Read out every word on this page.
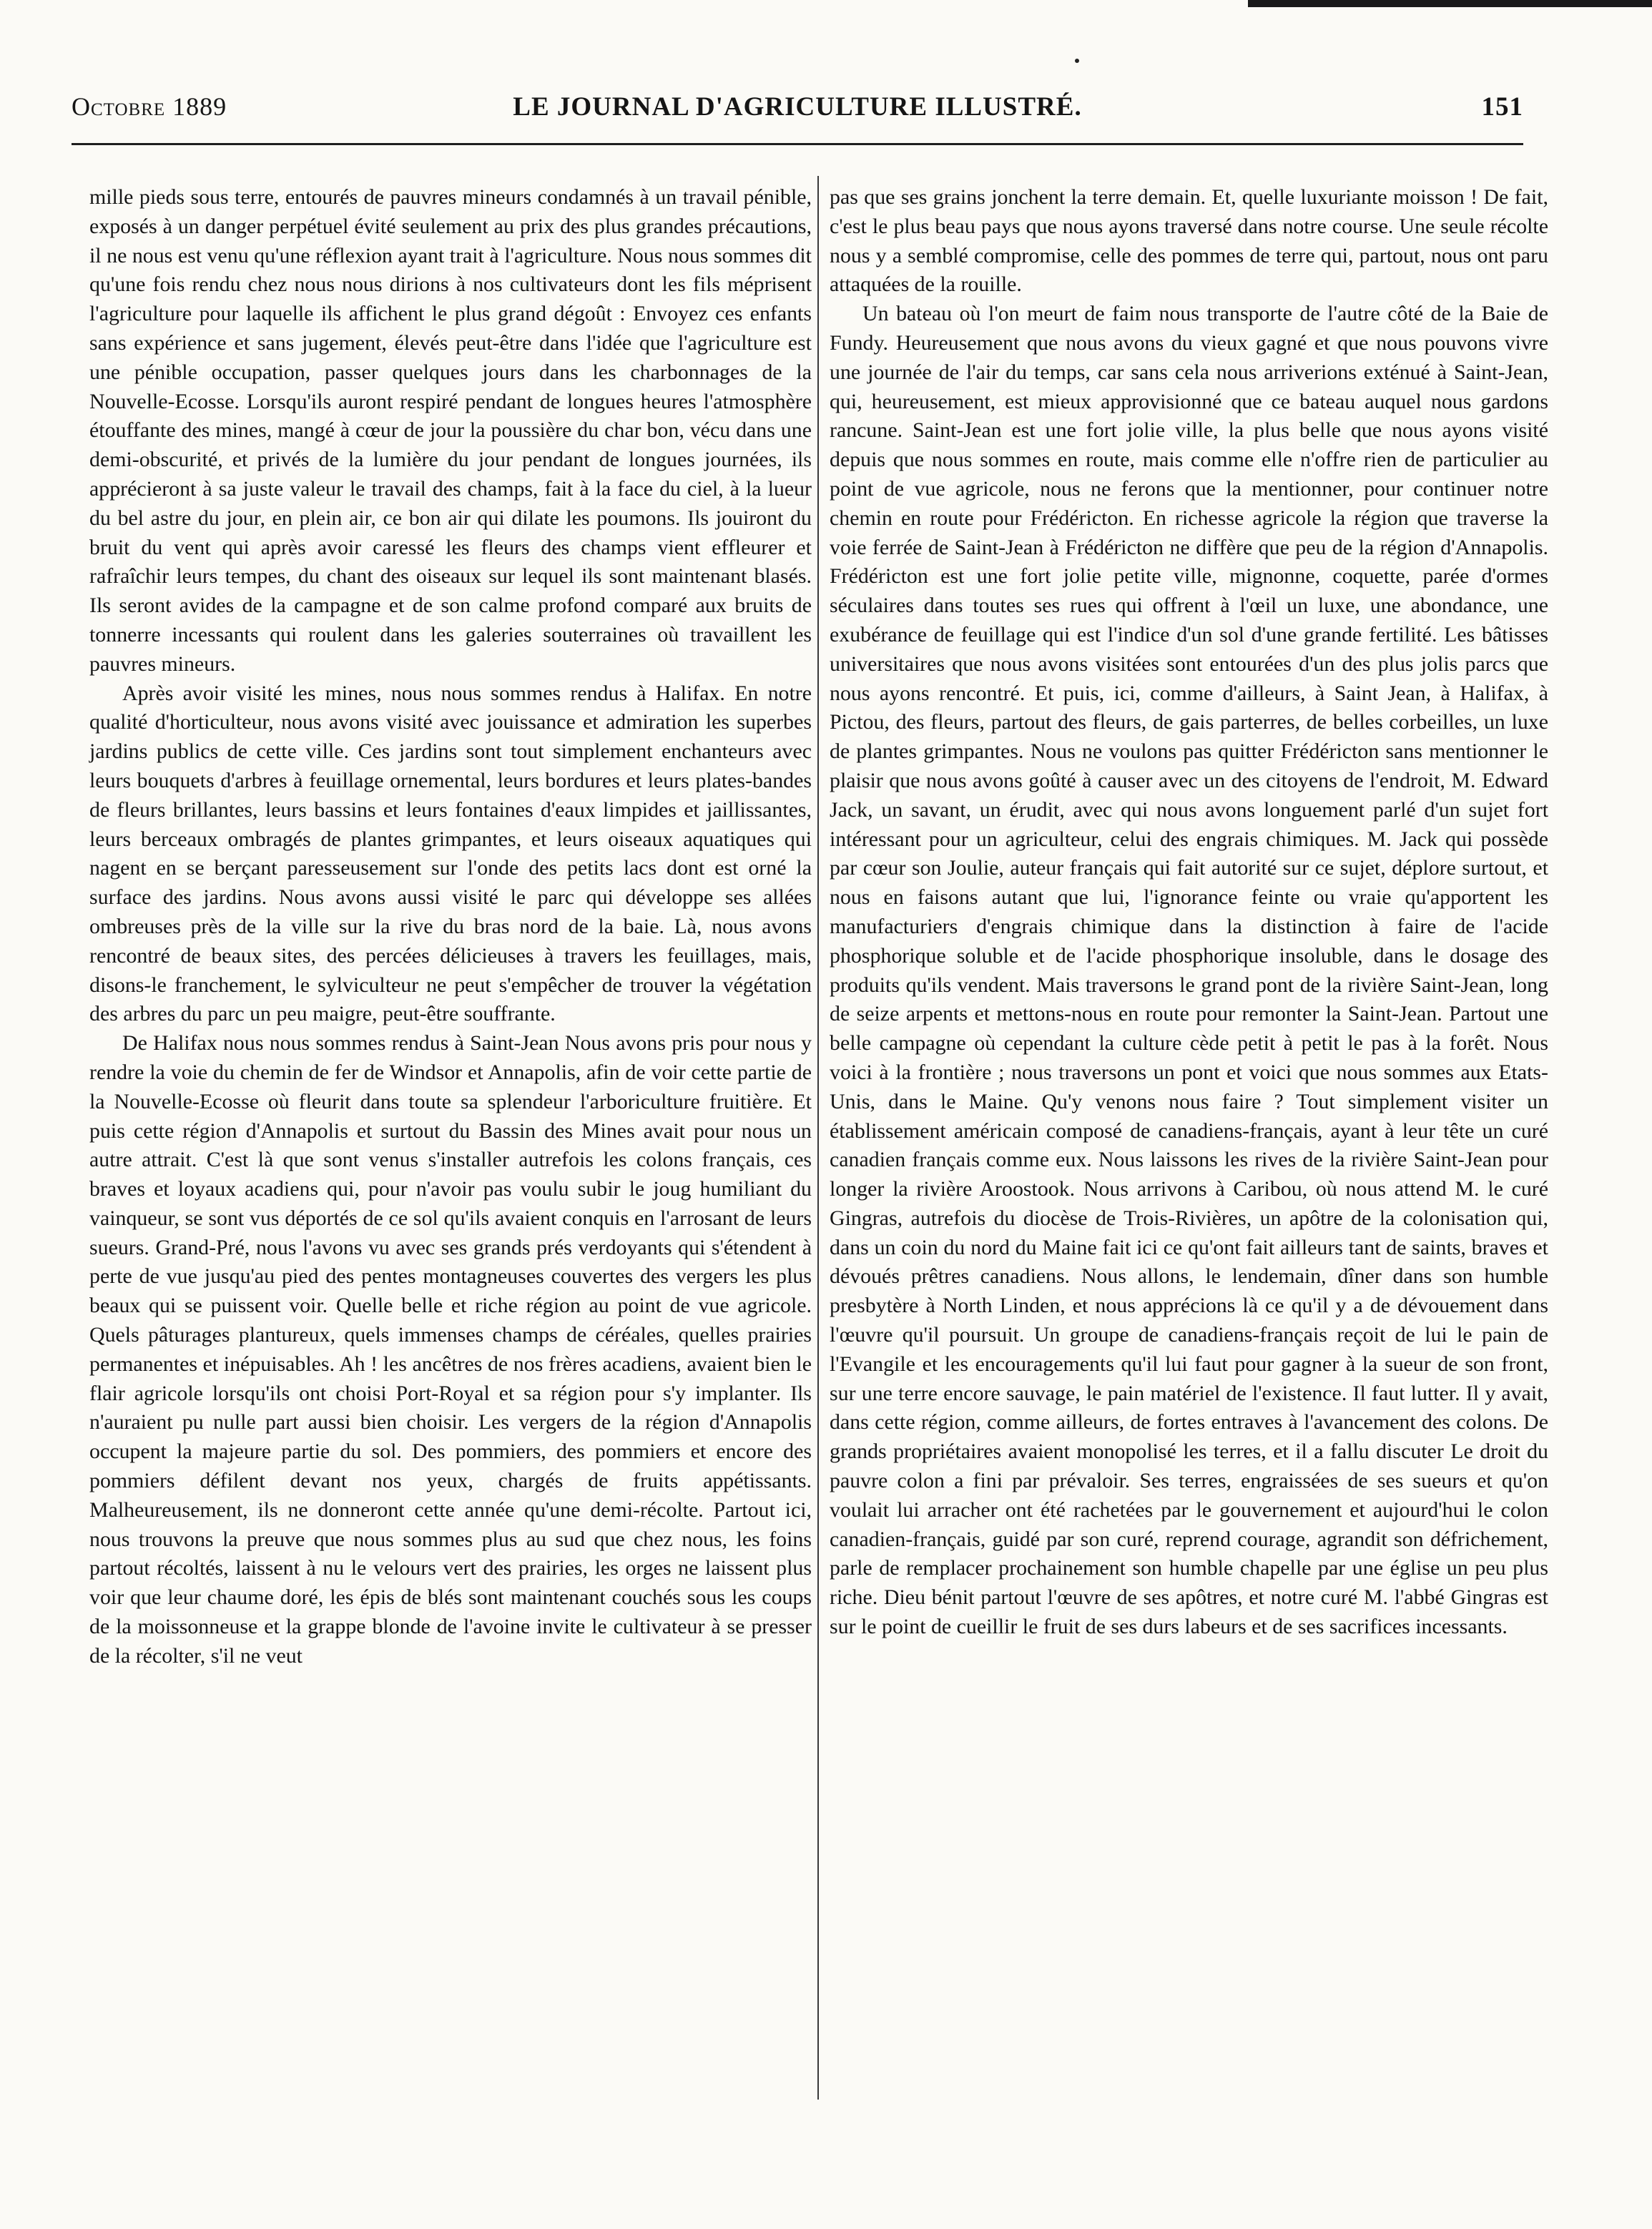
Octobre 1889	LE JOURNAL D'AGRICULTURE ILLUSTRÉ.	151

mille pieds sous terre, entourés de pauvres mineurs condamnés à un travail pénible, exposés à un danger perpétuel évité seulement au prix des plus grandes précautions, il ne nous est venu qu'une réflexion ayant trait à l'agriculture. Nous nous sommes dit qu'une fois rendu chez nous nous dirions à nos cultivateurs dont les fils méprisent l'agriculture pour laquelle ils affichent le plus grand dégoût : Envoyez ces enfants sans expérience et sans jugement, élevés peut-être dans l'idée que l'agriculture est une pénible occupation, passer quelques jours dans les charbonnages de la Nouvelle-Ecosse. Lorsqu'ils auront respiré pendant de longues heures l'atmosphère étouffante des mines, mangé à cœur de jour la poussière du char bon, vécu dans une demi-obscurité, et privés de la lumière du jour pendant de longues journées, ils apprécieront à sa juste valeur le travail des champs, fait à la face du ciel, à la lueur du bel astre du jour, en plein air, ce bon air qui dilate les poumons. Ils jouiront du bruit du vent qui après avoir caressé les fleurs des champs vient effleurer et rafraîchir leurs tempes, du chant des oiseaux sur lequel ils sont maintenant blasés. Ils seront avides de la campagne et de son calme profond comparé aux bruits de tonnerre incessants qui roulent dans les galeries souterraines où travaillent les pauvres mineurs.

Après avoir visité les mines, nous nous sommes rendus à Halifax. En notre qualité d'horticulteur, nous avons visité avec jouissance et admiration les superbes jardins publics de cette ville. Ces jardins sont tout simplement enchanteurs avec leurs bouquets d'arbres à feuillage ornemental, leurs bordures et leurs plates-bandes de fleurs brillantes, leurs bassins et leurs fontaines d'eaux limpides et jaillissantes, leurs berceaux ombragés de plantes grimpantes, et leurs oiseaux aquatiques qui nagent en se berçant paresseusement sur l'onde des petits lacs dont est orné la surface des jardins. Nous avons aussi visité le parc qui développe ses allées ombreuses près de la ville sur la rive du bras nord de la baie. Là, nous avons rencontré de beaux sites, des percées délicieuses à travers les feuillages, mais, disons-le franchement, le sylviculteur ne peut s'empêcher de trouver la végétation des arbres du parc un peu maigre, peut-être souffrante.

De Halifax nous nous sommes rendus à Saint-Jean Nous avons pris pour nous y rendre la voie du chemin de fer de Windsor et Annapolis, afin de voir cette partie de la Nouvelle-Ecosse où fleurit dans toute sa splendeur l'arboriculture fruitière. Et puis cette région d'Annapolis et surtout du Bassin des Mines avait pour nous un autre attrait. C'est là que sont venus s'installer autrefois les colons français, ces braves et loyaux acadiens qui, pour n'avoir pas voulu subir le joug humiliant du vainqueur, se sont vus déportés de ce sol qu'ils avaient conquis en l'arrosant de leurs sueurs. Grand-Pré, nous l'avons vu avec ses grands prés verdoyants qui s'étendent à perte de vue jusqu'au pied des pentes montagneuses couvertes des vergers les plus beaux qui se puissent voir. Quelle belle et riche région au point de vue agricole. Quels pâturages plantureux, quels immenses champs de céréales, quelles prairies permanentes et inépuisables. Ah ! les ancêtres de nos frères acadiens, avaient bien le flair agricole lorsqu'ils ont choisi Port-Royal et sa région pour s'y implanter. Ils n'auraient pu nulle part aussi bien choisir. Les vergers de la région d'Annapolis occupent la majeure partie du sol. Des pommiers, des pommiers et encore des pommiers défilent devant nos yeux, chargés de fruits appétissants. Malheureusement, ils ne donneront cette année qu'une demi-récolte. Partout ici, nous trouvons la preuve que nous sommes plus au sud que chez nous, les foins partout récoltés, laissent à nu le velours vert des prairies, les orges ne laissent plus voir que leur chaume doré, les épis de blés sont maintenant couchés sous les coups de la moissonneuse et la grappe blonde de l'avoine invite le cultivateur à se presser de la récolter, s'il ne veut

pas que ses grains jonchent la terre demain. Et, quelle luxuriante moisson ! De fait, c'est le plus beau pays que nous ayons traversé dans notre course. Une seule récolte nous y a semblé compromise, celle des pommes de terre qui, partout, nous ont paru attaquées de la rouille.

Un bateau où l'on meurt de faim nous transporte de l'autre côté de la Baie de Fundy. Heureusement que nous avons du vieux gagné et que nous pouvons vivre une journée de l'air du temps, car sans cela nous arriverions exténué à Saint-Jean, qui, heureusement, est mieux approvisionné que ce bateau auquel nous gardons rancune. Saint-Jean est une fort jolie ville, la plus belle que nous ayons visité depuis que nous sommes en route, mais comme elle n'offre rien de particulier au point de vue agricole, nous ne ferons que la mentionner, pour continuer notre chemin en route pour Frédéricton. En richesse agricole la région que traverse la voie ferrée de Saint-Jean à Frédéricton ne diffère que peu de la région d'Annapolis. Frédéricton est une fort jolie petite ville, mignonne, coquette, parée d'ormes séculaires dans toutes ses rues qui offrent à l'œil un luxe, une abondance, une exubérance de feuillage qui est l'indice d'un sol d'une grande fertilité. Les bâtisses universitaires que nous avons visitées sont entourées d'un des plus jolis parcs que nous ayons rencontré. Et puis, ici, comme d'ailleurs, à Saint Jean, à Halifax, à Pictou, des fleurs, partout des fleurs, de gais parterres, de belles corbeilles, un luxe de plantes grimpantes. Nous ne voulons pas quitter Frédéricton sans mentionner le plaisir que nous avons goûté à causer avec un des citoyens de l'endroit, M. Edward Jack, un savant, un érudit, avec qui nous avons longuement parlé d'un sujet fort intéressant pour un agriculteur, celui des engrais chimiques. M. Jack qui possède par cœur son Joulie, auteur français qui fait autorité sur ce sujet, déplore surtout, et nous en faisons autant que lui, l'ignorance feinte ou vraie qu'apportent les manufacturiers d'engrais chimique dans la distinction à faire de l'acide phosphorique soluble et de l'acide phosphorique insoluble, dans le dosage des produits qu'ils vendent. Mais traversons le grand pont de la rivière Saint-Jean, long de seize arpents et mettons-nous en route pour remonter la Saint-Jean. Partout une belle campagne où cependant la culture cède petit à petit le pas à la forêt. Nous voici à la frontière ; nous traversons un pont et voici que nous sommes aux Etats-Unis, dans le Maine. Qu'y venons nous faire ? Tout simplement visiter un établissement américain composé de canadiens-français, ayant à leur tête un curé canadien français comme eux. Nous laissons les rives de la rivière Saint-Jean pour longer la rivière Aroostook. Nous arrivons à Caribou, où nous attend M. le curé Gingras, autrefois du diocèse de Trois-Rivières, un apôtre de la colonisation qui, dans un coin du nord du Maine fait ici ce qu'ont fait ailleurs tant de saints, braves et dévoués prêtres canadiens. Nous allons, le lendemain, dîner dans son humble presbytère à North Linden, et nous apprécions là ce qu'il y a de dévouement dans l'œuvre qu'il poursuit. Un groupe de canadiens-français reçoit de lui le pain de l'Evangile et les encouragements qu'il lui faut pour gagner à la sueur de son front, sur une terre encore sauvage, le pain matériel de l'existence. Il faut lutter. Il y avait, dans cette région, comme ailleurs, de fortes entraves à l'avancement des colons. De grands propriétaires avaient monopolisé les terres, et il a fallu discuter Le droit du pauvre colon a fini par prévaloir. Ses terres, engraissées de ses sueurs et qu'on voulait lui arracher ont été rachetées par le gouvernement et aujourd'hui le colon canadien-français, guidé par son curé, reprend courage, agrandit son défrichement, parle de remplacer prochainement son humble chapelle par une église un peu plus riche. Dieu bénit partout l'œuvre de ses apôtres, et notre curé M. l'abbé Gingras est sur le point de cueillir le fruit de ses durs labeurs et de ses sacrifices incessants.
